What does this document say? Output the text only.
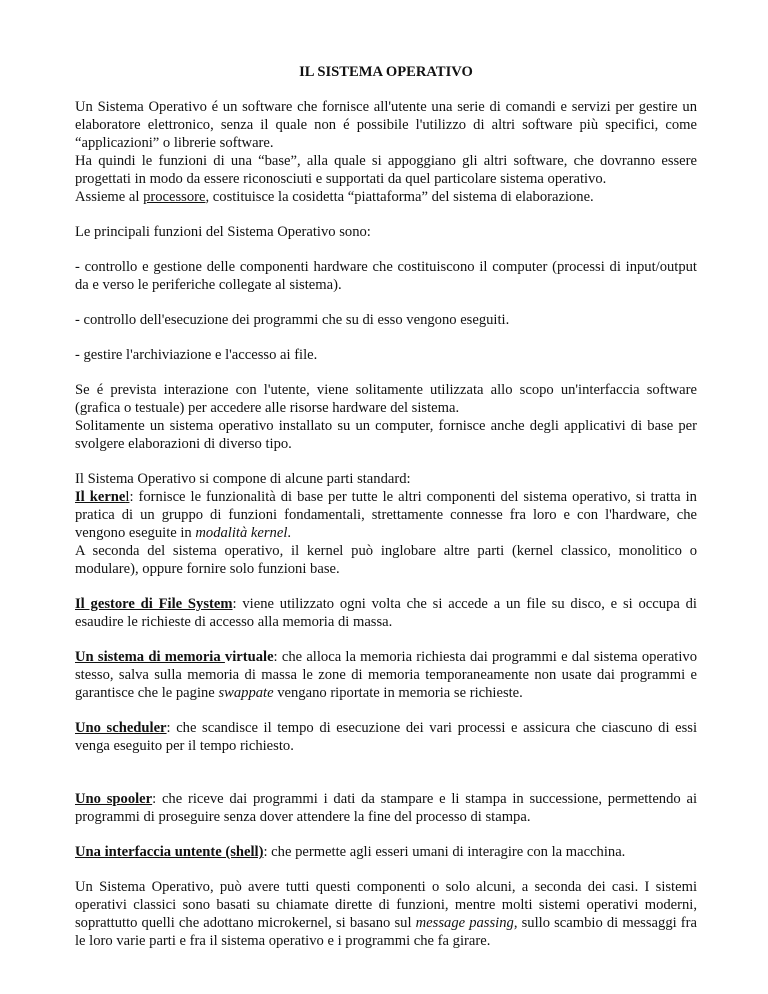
IL SISTEMA OPERATIVO

Un Sistema Operativo é un software che fornisce all'utente una serie di comandi e servizi per gestire un elaboratore elettronico, senza il quale non é possibile l'utilizzo di altri software più specifici, come “applicazioni” o librerie software.
Ha quindi le funzioni di una “base”, alla quale si appoggiano gli altri software, che dovranno essere progettati in modo da essere riconosciuti e supportati da quel particolare sistema operativo.
Assieme al processore, costituisce la cosidetta “piattaforma” del sistema di elaborazione.

Le principali funzioni del Sistema Operativo sono:

- controllo e gestione delle componenti hardware che costituiscono il computer (processi di input/output da e verso le periferiche collegate al sistema).

- controllo dell'esecuzione dei programmi che su di esso vengono eseguiti.

- gestire l'archiviazione e l'accesso ai file.

Se é prevista interazione con l'utente, viene solitamente utilizzata allo scopo un'interfaccia software (grafica o testuale) per accedere alle risorse hardware del sistema.
Solitamente un sistema operativo installato su un computer, fornisce anche degli applicativi di base per svolgere elaborazioni di diverso tipo.

Il Sistema Operativo si compone di alcune parti standard:
Il kernel: fornisce le funzionalità di base per tutte le altri componenti del sistema operativo, si tratta in pratica di un gruppo di funzioni fondamentali, strettamente connesse fra loro e con l'hardware, che vengono eseguite in modalità kernel.
A seconda del sistema operativo, il kernel può inglobare altre parti (kernel classico, monolitico o modulare), oppure fornire solo funzioni base.

Il gestore di File System: viene utilizzato ogni volta che si accede a un file su disco, e si occupa di esaudire le richieste di accesso alla memoria di massa.

Un sistema di memoria virtuale: che alloca la memoria richiesta dai programmi e dal sistema operativo stesso, salva sulla memoria di massa le zone di memoria temporaneamente non usate dai programmi e garantisce che le pagine swappate vengano riportate in memoria se richieste.

Uno scheduler: che scandisce il tempo di esecuzione dei vari processi e assicura che ciascuno di essi venga eseguito per il tempo richiesto.

Uno spooler: che riceve dai programmi i dati da stampare e li stampa in successione, permettendo ai programmi di proseguire senza dover attendere la fine del processo di stampa.

Una interfaccia untente (shell): che permette agli esseri umani di interagire con la macchina.

Un Sistema Operativo, può avere tutti questi componenti o solo alcuni, a seconda dei casi. I sistemi operativi classici sono basati su chiamate dirette di funzioni, mentre molti sistemi operativi moderni, soprattutto quelli che adottano microkernel, si basano sul message passing, sullo scambio di messaggi fra le loro varie parti e fra il sistema operativo e i programmi che fa girare.
